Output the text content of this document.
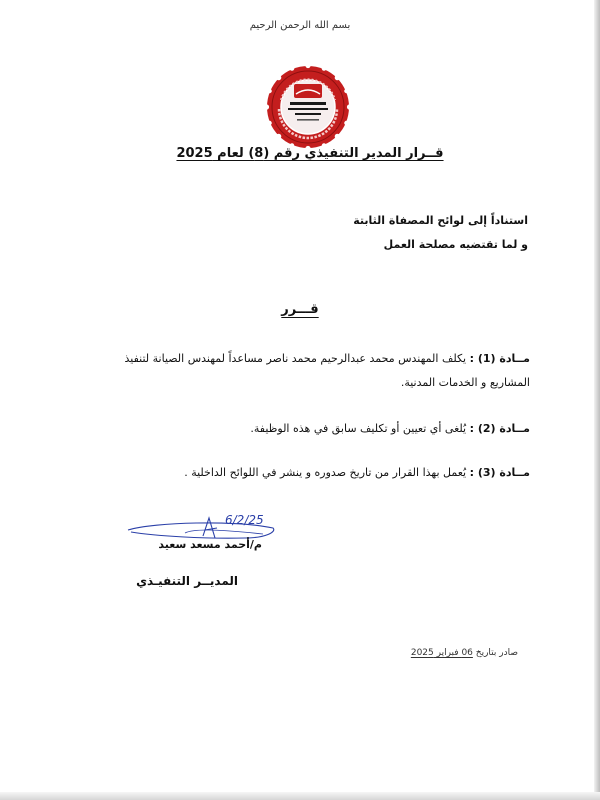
بسم الله الرحمن الرحيم
قــرار المدير التنفيذي رقم (8) لعام 2025
استناداً إلى لوائح المصفاة الثابتة
و لما تقتضيه مصلحة العمل
قـــرر
مــادة (1) : يكلف المهندس محمد عبدالرحيم محمد ناصر مساعداً لمهندس الصيانة لتنفيذ
المشاريع و الخدمات المدنية.
مــادة (2) : يُلغى أي تعيين أو تكليف سابق في هذه الوظيفة.
مــادة (3) : يُعمل بهذا القرار من تاريخ صدوره و ينشر في اللوائح الداخلية .
6/2/25
م/أحمد مسعد سعيد
المديــر التنفيـذي
صادر بتاريخ 06 فبراير 2025
